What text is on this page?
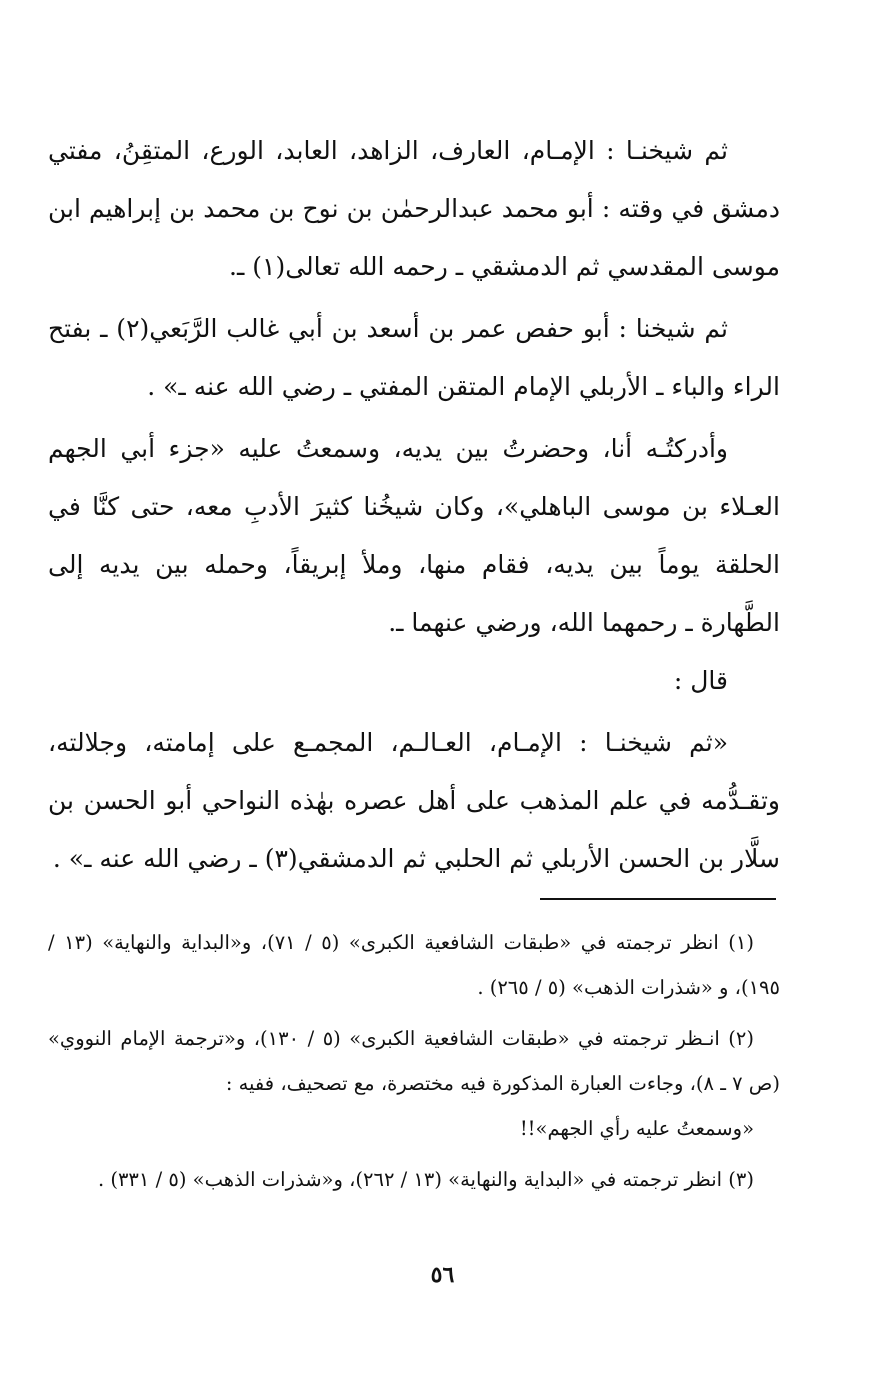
ثم شيخنـا : الإمـام، العارف، الزاهد، العابد، الورع، المتقِنُ، مفتي دمشق في وقته : أبو محمد عبدالرحمٰن بن نوح بن محمد بن إبراهيم ابن موسى المقدسي ثم الدمشقي ـ رحمه الله تعالى(١) ـ.

ثم شيخنا : أبو حفص عمر بن أسعد بن أبي غالب الرَّبَعي(٢) ـ بفتح الراء والباء ـ الأربلي الإمام المتقن المفتي ـ رضي الله عنه ـ» .

وأدركتُـه أنا، وحضرتُ بين يديه، وسمعتُ عليه «جزء أبي الجهم العـلاء بن موسى الباهلي»، وكان شيخُنا كثيرَ الأدبِ معه، حتى كنَّا في الحلقة يوماً بين يديه، فقام منها، وملأ إبريقاً، وحمله بين يديه إلى الطَّهارة ـ رحمهما الله، ورضي عنهما ـ.

قال :

«ثم شيخنـا : الإمـام، العـالـم، المجمـع على إمامته، وجلالته، وتقـدُّمه في علم المذهب على أهل عصره بهٰذه النواحي أبو الحسن بن سلَّار بن الحسن الأربلي ثم الحلبي ثم الدمشقي(٣) ـ رضي الله عنه ـ» .

(١) انظر ترجمته في «طبقات الشافعية الكبرى» (٥ / ٧١)، و«البداية والنهاية» (١٣ / ١٩٥)، و «شذرات الذهب» (٥ / ٢٦٥) .

(٢) انـظر ترجمته في «طبقات الشافعية الكبرى» (٥ / ١٣٠)، و«ترجمة الإمام النووي» (ص ٧ ـ ٨)، وجاءت العبارة المذكورة فيه مختصرة، مع تصحيف، ففيه :
«وسمعتُ عليه رأي الجهم»!!

(٣) انظر ترجمته في «البداية والنهاية» (١٣ / ٢٦٢)، و«شذرات الذهب» (٥ / ٣٣١) .

٥٦
